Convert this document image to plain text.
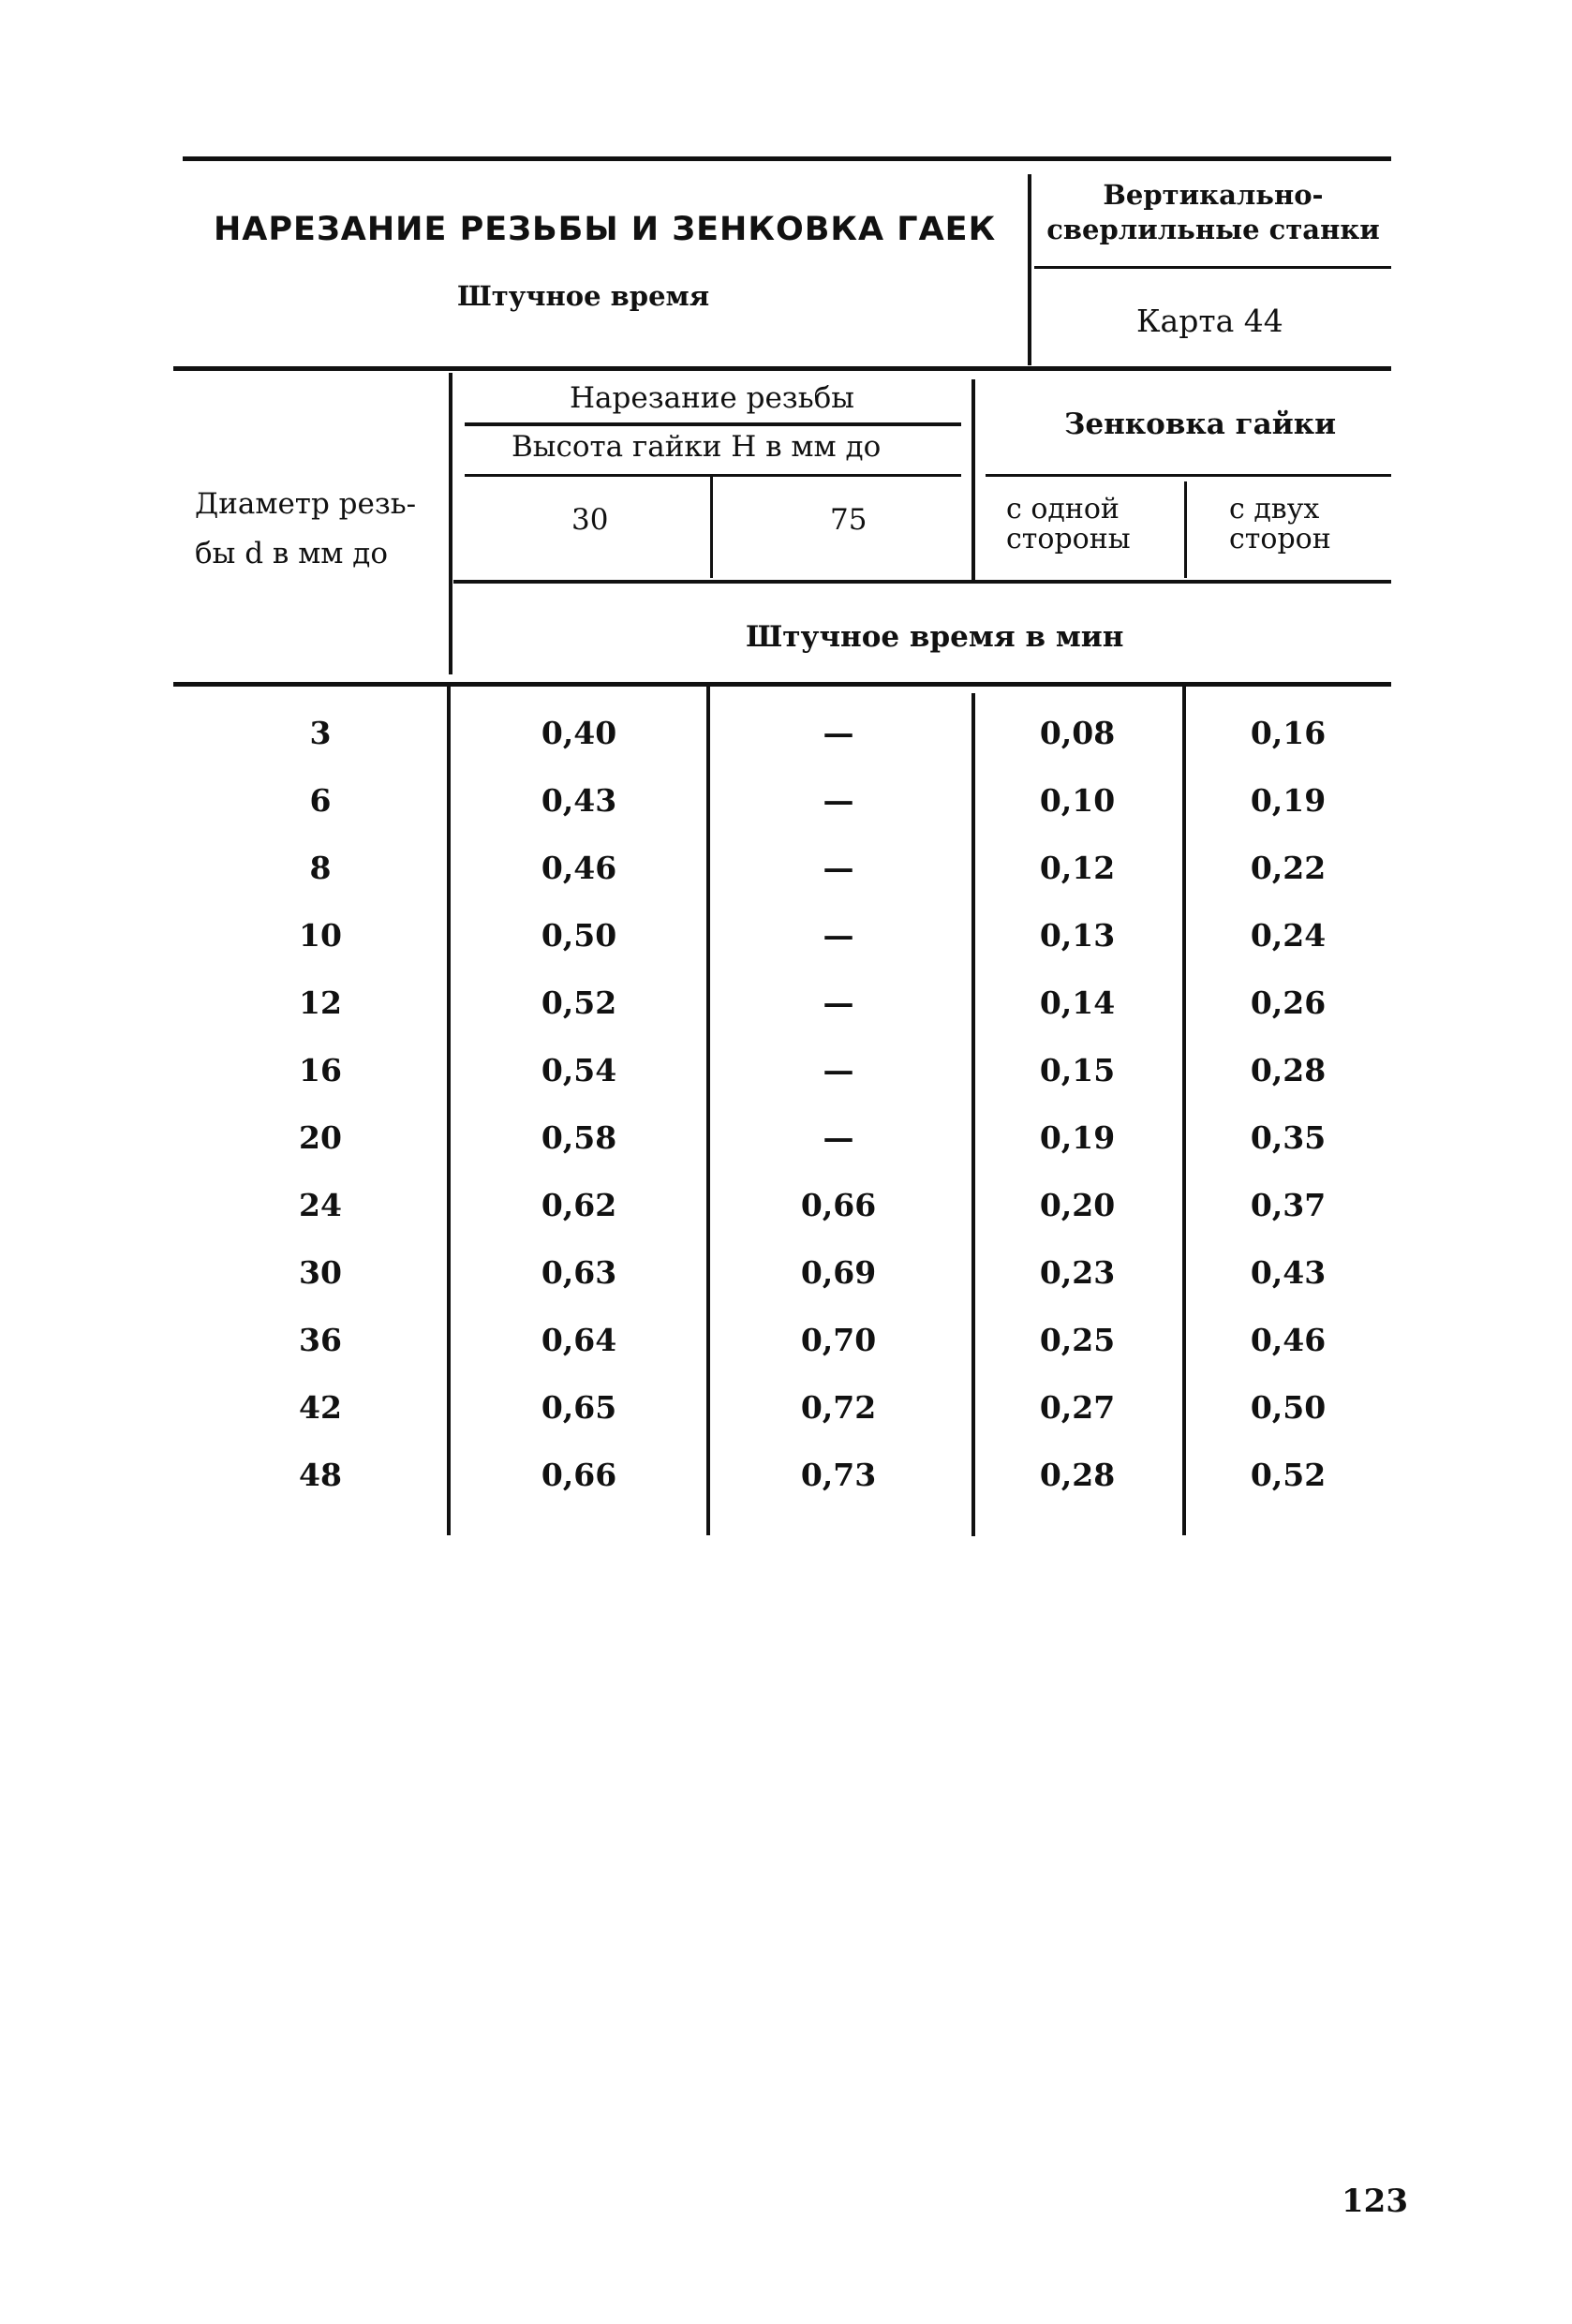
НАРЕЗАНИЕ РЕЗЬБЫ И ЗЕНКОВКА ГАЕК
Штучное время
Вертикально-
сверлильные станки
Карта 44
Диаметр резь-
бы d в мм до
Нарезание резьбы
Высота гайки H в мм до
30	75
Зенковка гайки
с одной
стороны
с двух
сторон
Штучное время в мин
3	0,40	—	0,08	0,16
6	0,43	—	0,10	0,19
8	0,46	—	0,12	0,22
10	0,50	—	0,13	0,24
12	0,52	—	0,14	0,26
16	0,54	—	0,15	0,28
20	0,58	—	0,19	0,35
24	0,62	0,66	0,20	0,37
30	0,63	0,69	0,23	0,43
36	0,64	0,70	0,25	0,46
42	0,65	0,72	0,27	0,50
48	0,66	0,73	0,28	0,52
123
